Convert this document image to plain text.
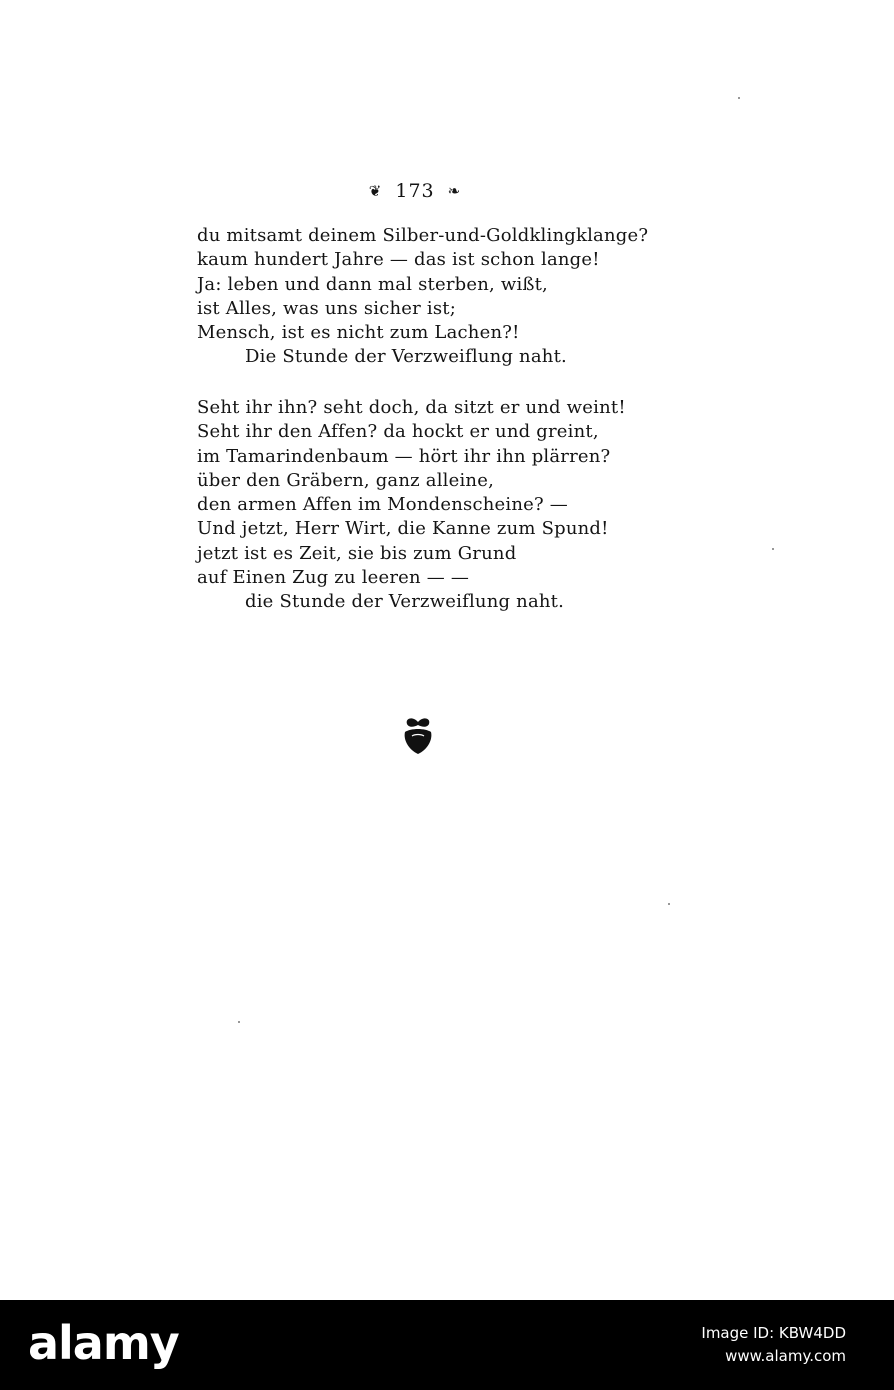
❦ 173 ❧
du mitsamt deinem Silber-und-Goldklingklange?
kaum hundert Jahre — das ist schon lange!
Ja: leben und dann mal sterben, wißt,
ist Alles, was uns sicher ist;
Mensch, ist es nicht zum Lachen?!
Die Stunde der Verzweiflung naht.
Seht ihr ihn? seht doch, da sitzt er und weint!
Seht ihr den Affen? da hockt er und greint,
im Tamarindenbaum — hört ihr ihn plärren?
über den Gräbern, ganz alleine,
den armen Affen im Mondenscheine? —
Und jetzt, Herr Wirt, die Kanne zum Spund!
jetzt ist es Zeit, sie bis zum Grund
auf Einen Zug zu leeren — —
die Stunde der Verzweiflung naht.
alamy	Image ID: KBW4DD
www.alamy.com
